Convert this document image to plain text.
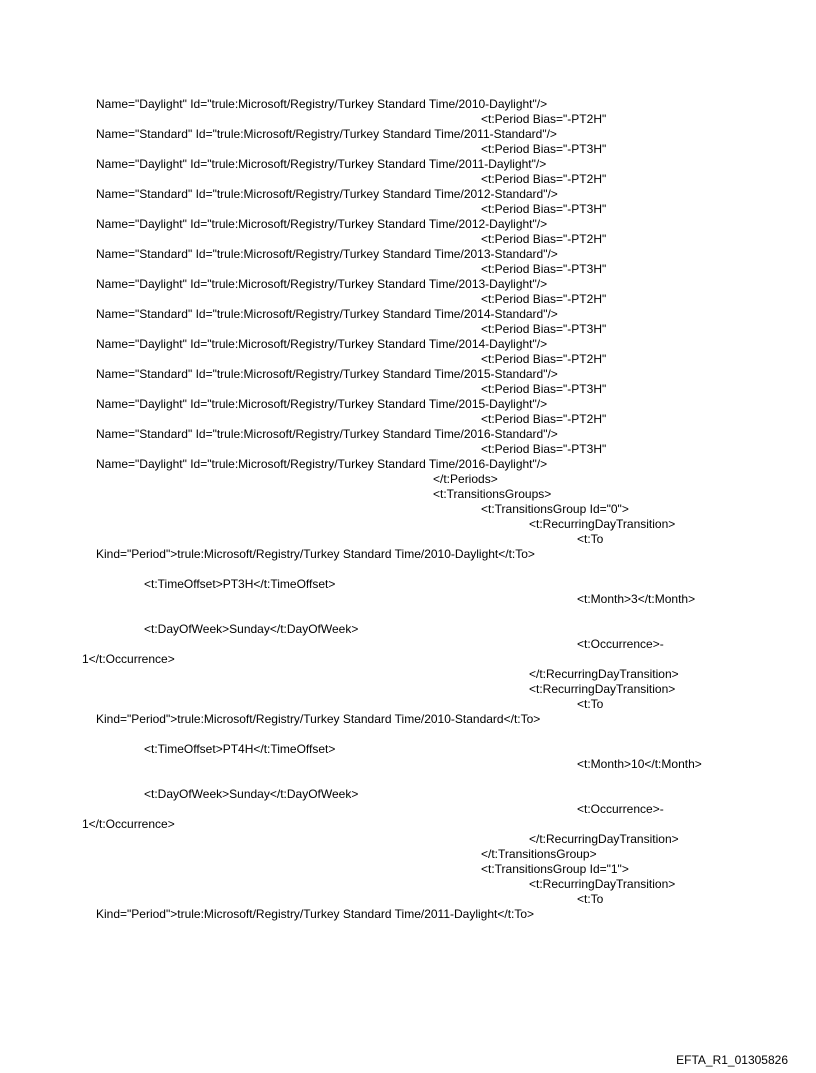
Name="Daylight" Id="trule:Microsoft/Registry/Turkey Standard Time/2010-Daylight"/>
<t:Period Bias="-PT2H"
Name="Standard" Id="trule:Microsoft/Registry/Turkey Standard Time/2011-Standard"/>
<t:Period Bias="-PT3H"
Name="Daylight" Id="trule:Microsoft/Registry/Turkey Standard Time/2011-Daylight"/>
<t:Period Bias="-PT2H"
Name="Standard" Id="trule:Microsoft/Registry/Turkey Standard Time/2012-Standard"/>
<t:Period Bias="-PT3H"
Name="Daylight" Id="trule:Microsoft/Registry/Turkey Standard Time/2012-Daylight"/>
<t:Period Bias="-PT2H"
Name="Standard" Id="trule:Microsoft/Registry/Turkey Standard Time/2013-Standard"/>
<t:Period Bias="-PT3H"
Name="Daylight" Id="trule:Microsoft/Registry/Turkey Standard Time/2013-Daylight"/>
<t:Period Bias="-PT2H"
Name="Standard" Id="trule:Microsoft/Registry/Turkey Standard Time/2014-Standard"/>
<t:Period Bias="-PT3H"
Name="Daylight" Id="trule:Microsoft/Registry/Turkey Standard Time/2014-Daylight"/>
<t:Period Bias="-PT2H"
Name="Standard" Id="trule:Microsoft/Registry/Turkey Standard Time/2015-Standard"/>
<t:Period Bias="-PT3H"
Name="Daylight" Id="trule:Microsoft/Registry/Turkey Standard Time/2015-Daylight"/>
<t:Period Bias="-PT2H"
Name="Standard" Id="trule:Microsoft/Registry/Turkey Standard Time/2016-Standard"/>
<t:Period Bias="-PT3H"
Name="Daylight" Id="trule:Microsoft/Registry/Turkey Standard Time/2016-Daylight"/>
</t:Periods>
<t:TransitionsGroups>
<t:TransitionsGroup Id="0">
<t:RecurringDayTransition>
<t:To
Kind="Period">trule:Microsoft/Registry/Turkey Standard Time/2010-Daylight</t:To>
<t:TimeOffset>PT3H</t:TimeOffset>
<t:Month>3</t:Month>
<t:DayOfWeek>Sunday</t:DayOfWeek>
<t:Occurrence>-
1</t:Occurrence>
</t:RecurringDayTransition>
<t:RecurringDayTransition>
<t:To
Kind="Period">trule:Microsoft/Registry/Turkey Standard Time/2010-Standard</t:To>
<t:TimeOffset>PT4H</t:TimeOffset>
<t:Month>10</t:Month>
<t:DayOfWeek>Sunday</t:DayOfWeek>
<t:Occurrence>-
1</t:Occurrence>
</t:RecurringDayTransition>
</t:TransitionsGroup>
<t:TransitionsGroup Id="1">
<t:RecurringDayTransition>
<t:To
Kind="Period">trule:Microsoft/Registry/Turkey Standard Time/2011-Daylight</t:To>
EFTA_R1_01305826
